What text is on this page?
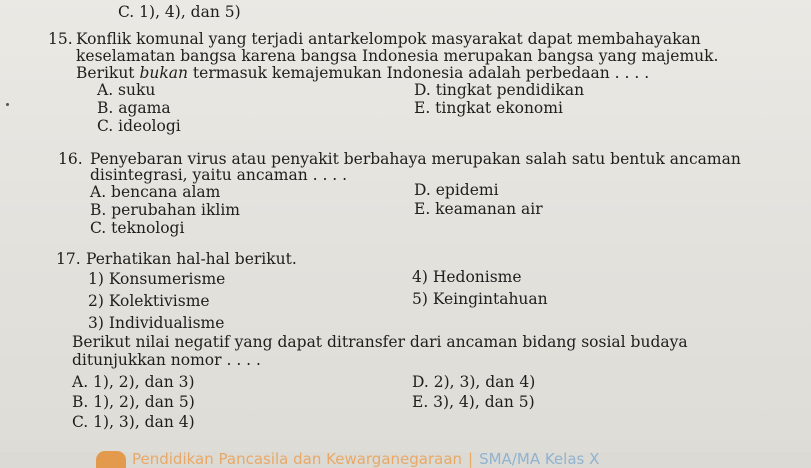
C. 1), 4), dan 5)
15. Konflik komunal yang terjadi antarkelompok masyarakat dapat membahayakan
keselamatan bangsa karena bangsa Indonesia merupakan bangsa yang majemuk.
Berikut bukan termasuk kemajemukan Indonesia adalah perbedaan . . . .
A. suku	D. tingkat pendidikan
B. agama	E. tingkat ekonomi
C. ideologi
16. Penyebaran virus atau penyakit berbahaya merupakan salah satu bentuk ancaman
disintegrasi, yaitu ancaman . . . .
A. bencana alam	D. epidemi
B. perubahan iklim	E. keamanan air
C. teknologi
17. Perhatikan hal-hal berikut.
1) Konsumerisme	4) Hedonisme
2) Kolektivisme	5) Keingintahuan
3) Individualisme
Berikut nilai negatif yang dapat ditransfer dari ancaman bidang sosial budaya
ditunjukkan nomor . . . .
A. 1), 2), dan 3)	D. 2), 3), dan 4)
B. 1), 2), dan 5)	E. 3), 4), dan 5)
C. 1), 3), dan 4)
Pendidikan Pancasila dan Kewarganegaraan | SMA/MA Kelas X
